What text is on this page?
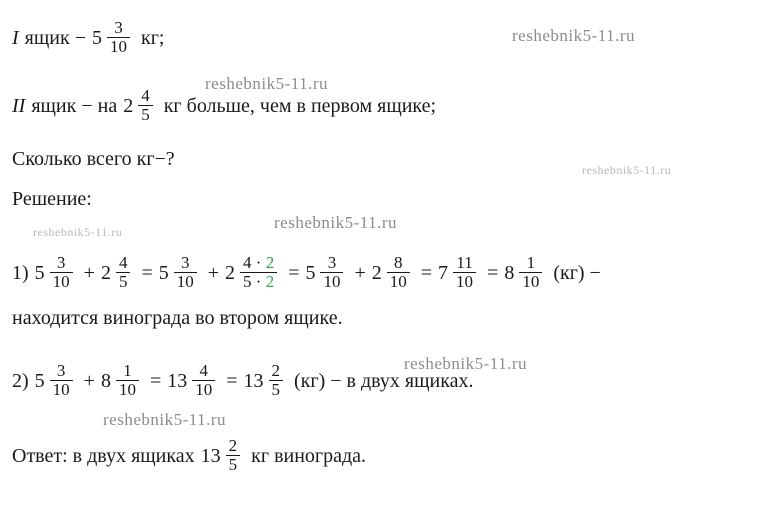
reshebnik5-11.ru
reshebnik5-11.ru
reshebnik5-11.ru
reshebnik5-11.ru
reshebnik5-11.ru
reshebnik5-11.ru
reshebnik5-11.ru
I ящик − $5 \frac{3}{10}$ кг;
II ящик − на $2 \frac{4}{5}$ кг больше, чем в первом ящике;
Сколько всего кг−?
Решение:
1) $5 \frac{3}{10} + 2 \frac{4}{5} = 5 \frac{3}{10} + 2 \frac{4 \cdot 2}{5 \cdot 2} = 5 \frac{3}{10} + 2 \frac{8}{10} = 7 \frac{11}{10} = 8 \frac{1}{10} (кг)$ −
находится винограда во втором ящике.
2) $5 \frac{3}{10} + 8 \frac{1}{10} = 13 \frac{4}{10} = 13 \frac{2}{5} (кг) - в$ двух ящиках.
Ответ: в двух ящиках $13 \frac{2}{5}$ кг винограда.
